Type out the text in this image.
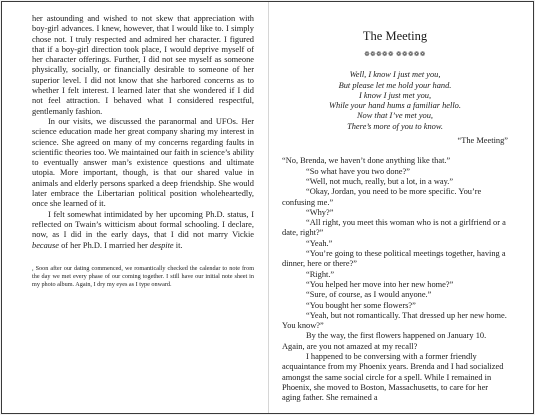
her astounding and wished to not skew that appreciation with boy-girl advances. I knew, however, that I would like to. I simply chose not. I truly respected and admired her character. I figured that if a boy-girl direction took place, I would deprive myself of her character offerings. Further, I did not see myself as someone physically, socially, or financially desirable to someone of her superior level. I did not know that she harbored concerns as to whether I felt interest. I learned later that she wondered if I did not feel attraction. I behaved what I considered respectful, gentlemanly fashion.

In our visits, we discussed the paranormal and UFOs. Her science education made her great company sharing my interest in science. She agreed on many of my concerns regarding faults in scientific theories too. We maintained our faith in science’s ability to eventually answer man’s existence questions and ultimate utopia. More important, though, is that our shared value in animals and elderly persons sparked a deep friendship. She would later embrace the Libertarian political position wholeheartedly, once she learned of it.

I felt somewhat intimidated by her upcoming Ph.D. status, I reflected on Twain’s witticism about formal schooling. I declare, now, as I did in the early days, that I did not marry Vickie because of her Ph.D. I married her despite it.

, Soon after our dating commenced, we romantically checked the calendar to note from the day we met every phase of our coming together. I still have our initial note sheet in my photo album. Again, I dry my eyes as I type onward.

The Meeting
❁❁❁❁❁ ❁❁❁❁❁
Well, I know I just met you,
But please let me hold your hand.
I know I just met you,
While your hand hums a familiar hello.
Now that I’ve met you,
There’s more of you to know.
“The Meeting”

“No, Brenda, we haven’t done anything like that.”

“So what have you two done?”

“Well, not much, really, but a lot, in a way.”

“Okay, Jordan, you need to be more specific. You’re confusing me.”

“Why?”

“All right, you meet this woman who is not a girlfriend or a date, right?”

“Yeah.”

“You’re going to these political meetings together, having a dinner, here or there?”

“Right.”

“You helped her move into her new home?”

“Sure, of course, as I would anyone.”

“You bought her some flowers?”

“Yeah, but not romantically. That dressed up her new home. You know?”

By the way, the first flowers happened on January 10. Again, are you not amazed at my recall?

I happened to be conversing with a former friendly acquaintance from my Phoenix years. Brenda and I had socialized amongst the same social circle for a spell. While I remained in Phoenix, she moved to Boston, Massachusetts, to care for her aging father. She remained a
